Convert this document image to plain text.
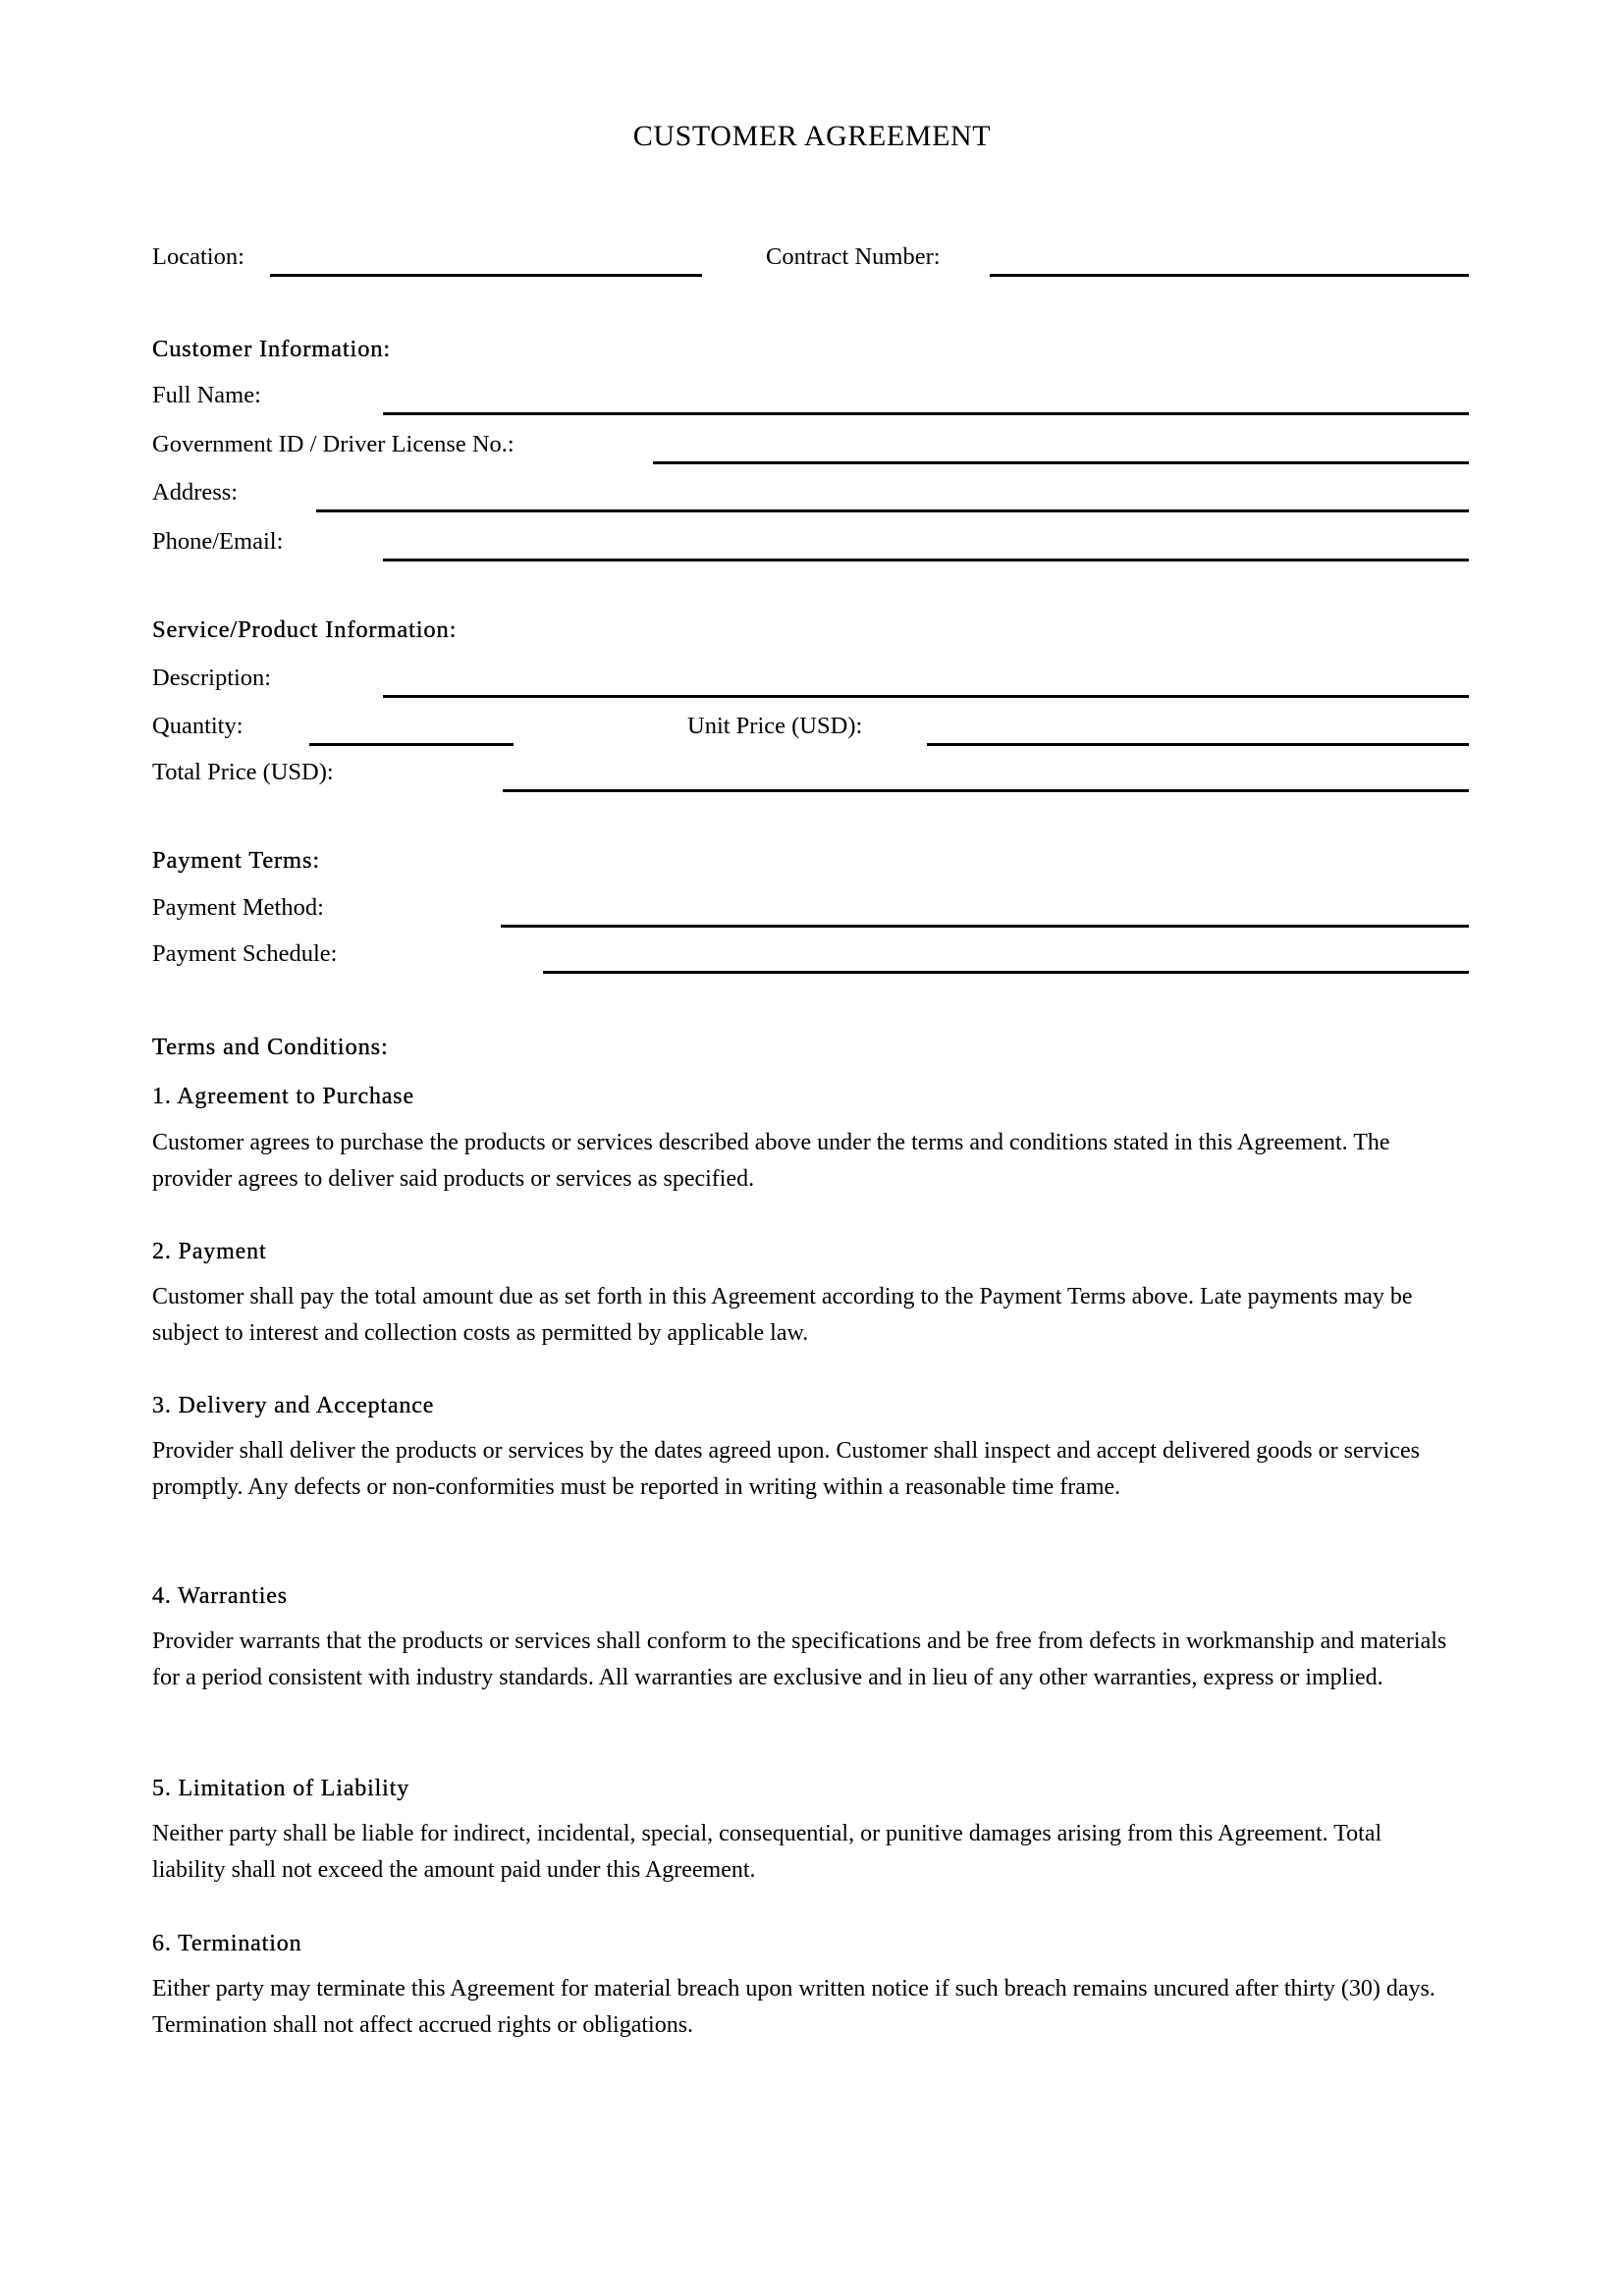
CUSTOMER AGREEMENT
Location:	Contract Number:
Customer Information:
Full Name:
Government ID / Driver License No.:
Address:
Phone/Email:
Service/Product Information:
Description:
Quantity:	Unit Price (USD):
Total Price (USD):
Payment Terms:
Payment Method:
Payment Schedule:
Terms and Conditions:
1. Agreement to Purchase
Customer agrees to purchase the products or services described above under the terms and conditions stated in this Agreement. The provider agrees to deliver said products or services as specified.
2. Payment
Customer shall pay the total amount due as set forth in this Agreement according to the Payment Terms above. Late payments may be subject to interest and collection costs as permitted by applicable law.
3. Delivery and Acceptance
Provider shall deliver the products or services by the dates agreed upon. Customer shall inspect and accept delivered goods or services promptly. Any defects or non-conformities must be reported in writing within a reasonable time frame.
4. Warranties
Provider warrants that the products or services shall conform to the specifications and be free from defects in workmanship and materials for a period consistent with industry standards. All warranties are exclusive and in lieu of any other warranties, express or implied.
5. Limitation of Liability
Neither party shall be liable for indirect, incidental, special, consequential, or punitive damages arising from this Agreement. Total liability shall not exceed the amount paid under this Agreement.
6. Termination
Either party may terminate this Agreement for material breach upon written notice if such breach remains uncured after thirty (30) days. Termination shall not affect accrued rights or obligations.
